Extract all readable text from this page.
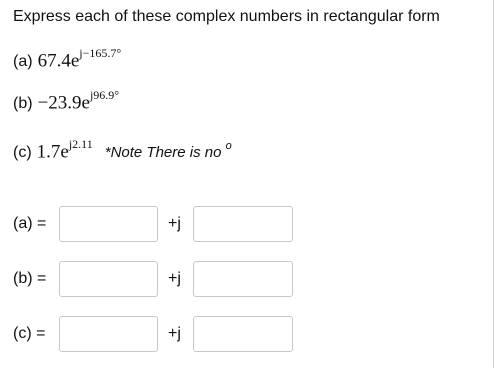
Express each of these complex numbers in rectangular form
(a) $67.4e^{j-165.7^\circ}$
$(b) -23.9e^{j96.9^\circ}$
(c) $1.7e^{j2.11}$
*Note There is no $^o$
(a) =	+j
(b) =	+j
(c) =	+j
